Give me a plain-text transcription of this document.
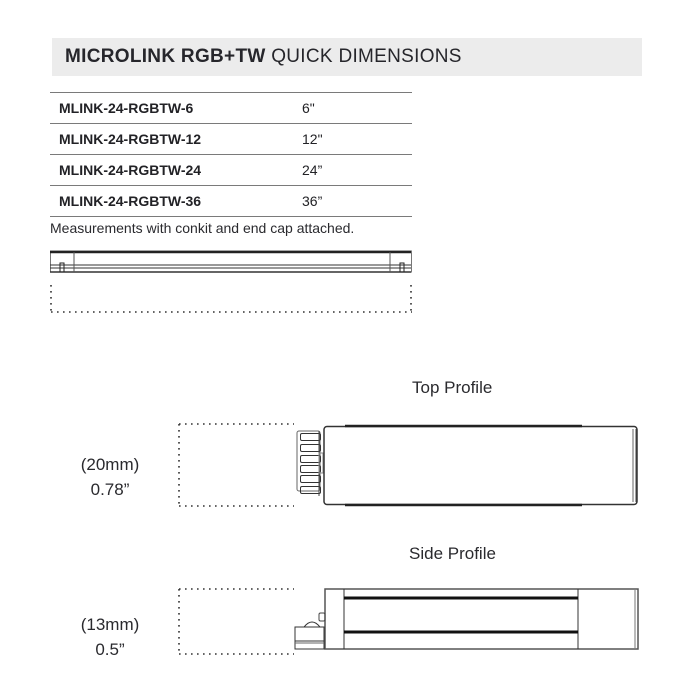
MICROLINK RGB+TW QUICK DIMENSIONS
MLINK-24-RGBTW-6	6"
MLINK-24-RGBTW-12	12"
MLINK-24-RGBTW-24	24”
MLINK-24-RGBTW-36	36”
Measurements with conkit and end cap attached.
Top Profile
(20mm)
0.78”
Side Profile
(13mm)
0.5”
